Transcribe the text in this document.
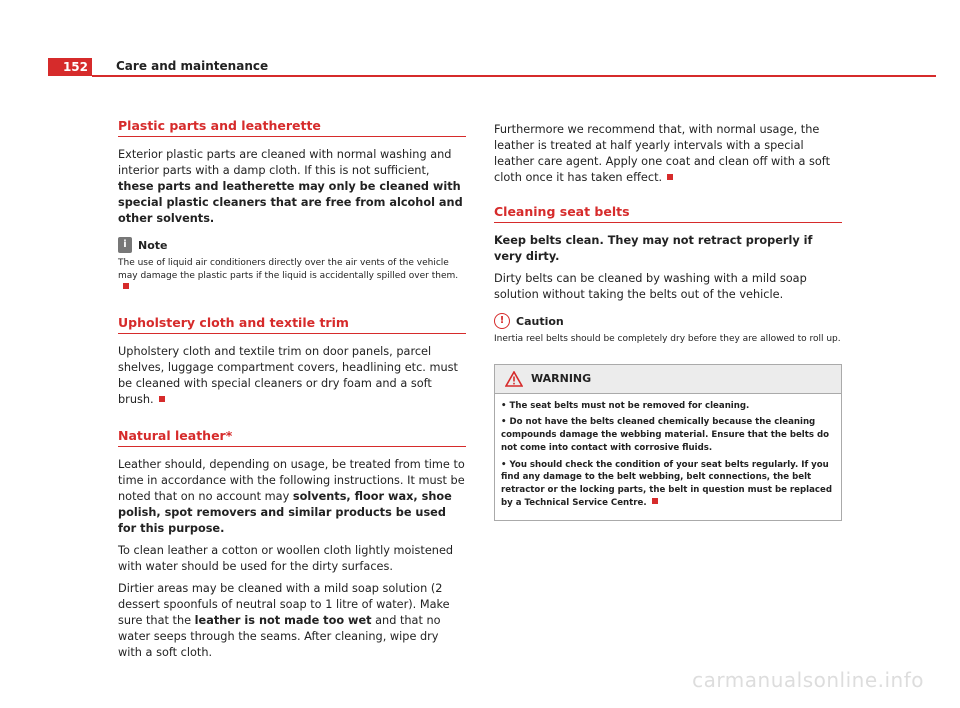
152	Care and maintenance
Plastic parts and leatherette

Exterior plastic parts are cleaned with normal washing and interior parts with a damp cloth. If this is not sufficient, these parts and leatherette may only be cleaned with special plastic cleaners that are free from alcohol and other solvents.

i	Note

The use of liquid air conditioners directly over the air vents of the vehicle may damage the plastic parts if the liquid is accidentally spilled over them.

Upholstery cloth and textile trim

Upholstery cloth and textile trim on door panels, parcel shelves, luggage compartment covers, headlining etc. must be cleaned with special cleaners or dry foam and a soft brush.

Natural leather*

Leather should, depending on usage, be treated from time to time in accordance with the following instructions. It must be noted that on no account may solvents, floor wax, shoe polish, spot removers and similar products be used for this purpose.

To clean leather a cotton or woollen cloth lightly moistened with water should be used for the dirty surfaces.

Dirtier areas may be cleaned with a mild soap solution (2 dessert spoonfuls of neutral soap to 1 litre of water). Make sure that the leather is not made too wet and that no water seeps through the seams. After cleaning, wipe dry with a soft cloth.

Furthermore we recommend that, with normal usage, the leather is treated at half yearly intervals with a special leather care agent. Apply one coat and clean off with a soft cloth once it has taken effect.

Cleaning seat belts

Keep belts clean. They may not retract properly if very dirty.

Dirty belts can be cleaned by washing with a mild soap solution without taking the belts out of the vehicle.

!	Caution

Inertia reel belts should be completely dry before they are allowed to roll up.

WARNING

• The seat belts must not be removed for cleaning.

• Do not have the belts cleaned chemically because the cleaning compounds damage the webbing material. Ensure that the belts do not come into contact with corrosive fluids.

• You should check the condition of your seat belts regularly. If you find any damage to the belt webbing, belt connections, the belt retractor or the locking parts, the belt in question must be replaced by a Technical Service Centre.

carmanualsonline.info
